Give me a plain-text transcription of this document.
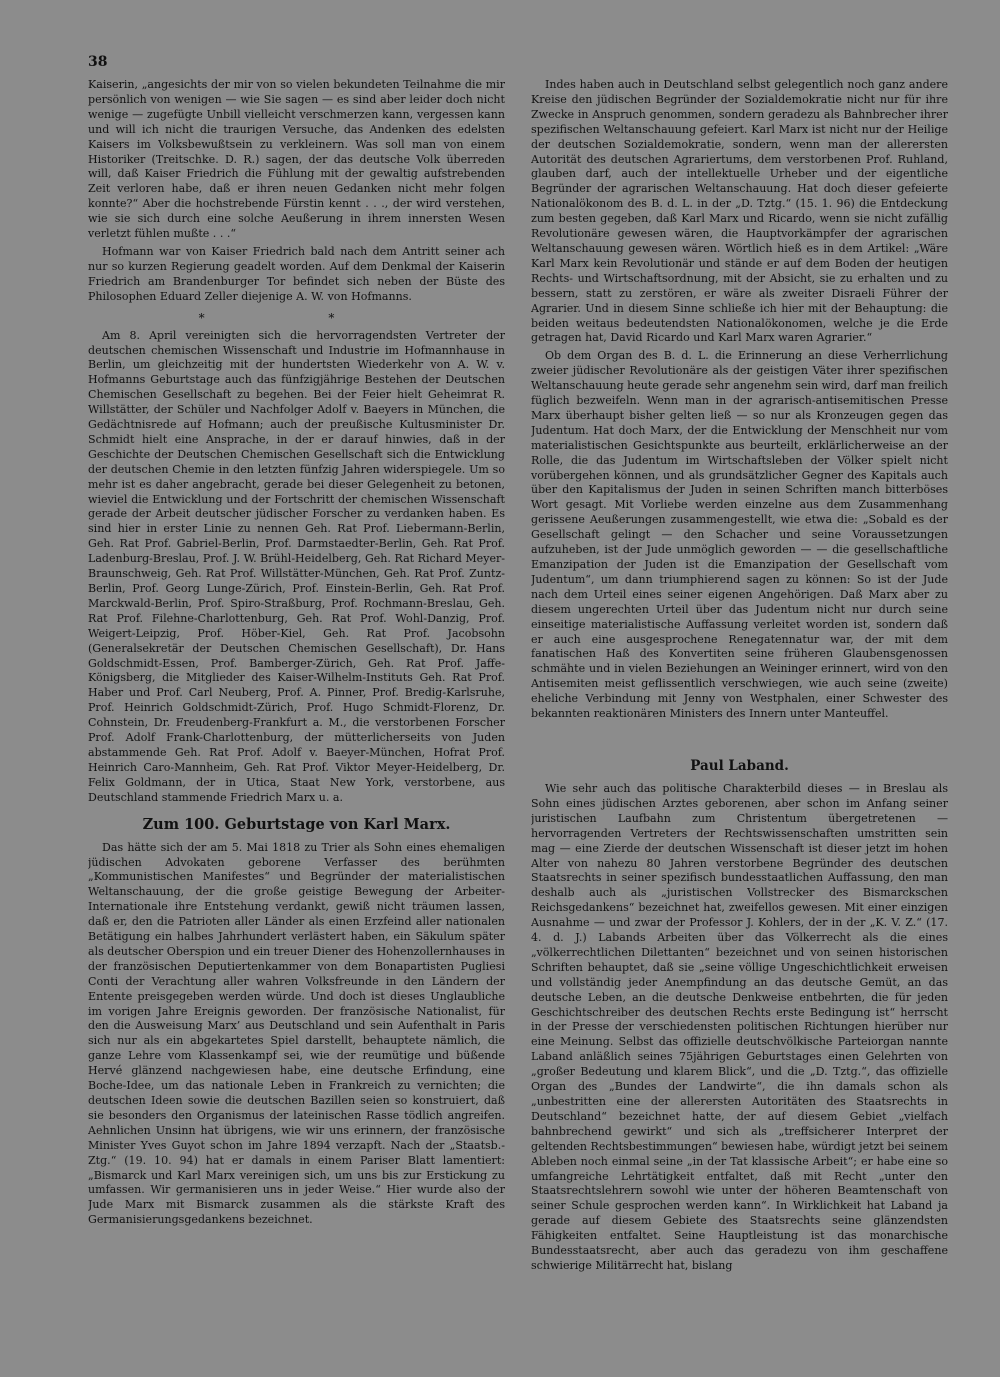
38

Kaiserin, „angesichts der mir von so vielen bekundeten Teilnahme die mir persönlich von wenigen — wie Sie sagen — es sind aber leider doch nicht wenige — zugefügte Unbill vielleicht verschmerzen kann, vergessen kann und will ich nicht die traurigen Versuche, das Andenken des edelsten Kaisers im Volksbewußtsein zu verkleinern. Was soll man von einem Historiker (Treitschke. D. R.) sagen, der das deutsche Volk überreden will, daß Kaiser Friedrich die Fühlung mit der gewaltig aufstrebenden Zeit verloren habe, daß er ihren neuen Gedanken nicht mehr folgen konnte?“ Aber die hochstrebende Fürstin kennt . . ., der wird verstehen, wie sie sich durch eine solche Aeußerung in ihrem innersten Wesen verletzt fühlen mußte . . .“

Hofmann war von Kaiser Friedrich bald nach dem Antritt seiner ach nur so kurzen Regierung geadelt worden. Auf dem Denkmal der Kaiserin Friedrich am Brandenburger Tor befindet sich neben der Büste des Philosophen Eduard Zeller diejenige A. W. von Hofmanns.

* *

Am 8. April vereinigten sich die hervorragendsten Vertreter der deutschen chemischen Wissenschaft und Industrie im Hofmannhause in Berlin, um gleichzeitig mit der hundertsten Wiederkehr von A. W. v. Hofmanns Geburtstage auch das fünfzigjährige Bestehen der Deutschen Chemischen Gesellschaft zu begehen. Bei der Feier hielt Geheimrat R. Willstätter, der Schüler und Nachfolger Adolf v. Baeyers in München, die Gedächtnisrede auf Hofmann; auch der preußische Kultusminister Dr. Schmidt hielt eine Ansprache, in der er darauf hinwies, daß in der Geschichte der Deutschen Chemischen Gesellschaft sich die Entwicklung der deutschen Chemie in den letzten fünfzig Jahren widerspiegele. Um so mehr ist es daher angebracht, gerade bei dieser Gelegenheit zu betonen, wieviel die Entwicklung und der Fortschritt der chemischen Wissenschaft gerade der Arbeit deutscher jüdischer Forscher zu verdanken haben. Es sind hier in erster Linie zu nennen Geh. Rat Prof. Liebermann-Berlin, Geh. Rat Prof. Gabriel-Berlin, Prof. Darmstaedter-Berlin, Geh. Rat Prof. Ladenburg-Breslau, Prof. J. W. Brühl-Heidelberg, Geh. Rat Richard Meyer-Braunschweig, Geh. Rat Prof. Willstätter-München, Geh. Rat Prof. Zuntz-Berlin, Prof. Georg Lunge-Zürich, Prof. Einstein-Berlin, Geh. Rat Prof. Marckwald-Berlin, Prof. Spiro-Straßburg, Prof. Rochmann-Breslau, Geh. Rat Prof. Filehne-Charlottenburg, Geh. Rat Prof. Wohl-Danzig, Prof. Weigert-Leipzig, Prof. Höber-Kiel, Geh. Rat Prof. Jacobsohn (Generalsekretär der Deutschen Chemischen Gesellschaft), Dr. Hans Goldschmidt-Essen, Prof. Bamberger-Zürich, Geh. Rat Prof. Jaffe-Königsberg, die Mitglieder des Kaiser-Wilhelm-Instituts Geh. Rat Prof. Haber und Prof. Carl Neuberg, Prof. A. Pinner, Prof. Bredig-Karlsruhe, Prof. Heinrich Goldschmidt-Zürich, Prof. Hugo Schmidt-Florenz, Dr. Cohnstein, Dr. Freudenberg-Frankfurt a. M., die verstorbenen Forscher Prof. Adolf Frank-Charlottenburg, der mütterlicherseits von Juden abstammende Geh. Rat Prof. Adolf v. Baeyer-München, Hofrat Prof. Heinrich Caro-Mannheim, Geh. Rat Prof. Viktor Meyer-Heidelberg, Dr. Felix Goldmann, der in Utica, Staat New York, verstorbene, aus Deutschland stammende Friedrich Marx u. a.

Zum 100. Geburtstage von Karl Marx.

Das hätte sich der am 5. Mai 1818 zu Trier als Sohn eines ehemaligen jüdischen Advokaten geborene Verfasser des berühmten „Kommunistischen Manifestes“ und Begründer der materialistischen Weltanschauung, der die große geistige Bewegung der Arbeiter-Internationale ihre Entstehung verdankt, gewiß nicht träumen lassen, daß er, den die Patrioten aller Länder als einen Erzfeind aller nationalen Betätigung ein halbes Jahrhundert verlästert haben, ein Säkulum später als deutscher Oberspion und ein treuer Diener des Hohenzollernhauses in der französischen Deputiertenkammer von dem Bonapartisten Pugliesi Conti der Verachtung aller wahren Volksfreunde in den Ländern der Entente preisgegeben werden würde. Und doch ist dieses Unglaubliche im vorigen Jahre Ereignis geworden. Der französische Nationalist, für den die Ausweisung Marx’ aus Deutschland und sein Aufenthalt in Paris sich nur als ein abgekartetes Spiel darstellt, behauptete nämlich, die ganze Lehre vom Klassenkampf sei, wie der reumütige und büßende Hervé glänzend nachgewiesen habe, eine deutsche Erfindung, eine Boche-Idee, um das nationale Leben in Frankreich zu vernichten; die deutschen Ideen sowie die deutschen Bazillen seien so konstruiert, daß sie besonders den Organismus der lateinischen Rasse tödlich angreifen. Aehnlichen Unsinn hat übrigens, wie wir uns erinnern, der französische Minister Yves Guyot schon im Jahre 1894 verzapft. Nach der „Staatsb.-Ztg.“ (19. 10. 94) hat er damals in einem Pariser Blatt lamentiert: „Bismarck und Karl Marx vereinigen sich, um uns bis zur Erstickung zu umfassen. Wir germanisieren uns in jeder Weise.“ Hier wurde also der Jude Marx mit Bismarck zusammen als die stärkste Kraft des Germanisierungsgedankens bezeichnet.

Indes haben auch in Deutschland selbst gelegentlich noch ganz andere Kreise den jüdischen Begründer der Sozialdemokratie nicht nur für ihre Zwecke in Anspruch genommen, sondern geradezu als Bahnbrecher ihrer spezifischen Weltanschauung gefeiert. Karl Marx ist nicht nur der Heilige der deutschen Sozialdemokratie, sondern, wenn man der allerersten Autorität des deutschen Agrariertums, dem verstorbenen Prof. Ruhland, glauben darf, auch der intellektuelle Urheber und der eigentliche Begründer der agrarischen Weltanschauung. Hat doch dieser gefeierte Nationalökonom des B. d. L. in der „D. Tztg.“ (15. 1. 96) die Entdeckung zum besten gegeben, daß Karl Marx und Ricardo, wenn sie nicht zufällig Revolutionäre gewesen wären, die Hauptvorkämpfer der agrarischen Weltanschauung gewesen wären. Wörtlich hieß es in dem Artikel: „Wäre Karl Marx kein Revolutionär und stände er auf dem Boden der heutigen Rechts- und Wirtschaftsordnung, mit der Absicht, sie zu erhalten und zu bessern, statt zu zerstören, er wäre als zweiter Disraeli Führer der Agrarier. Und in diesem Sinne schließe ich hier mit der Behauptung: die beiden weitaus bedeutendsten Nationalökonomen, welche je die Erde getragen hat, David Ricardo und Karl Marx waren Agrarier.“

Ob dem Organ des B. d. L. die Erinnerung an diese Verherrlichung zweier jüdischer Revolutionäre als der geistigen Väter ihrer spezifischen Weltanschauung heute gerade sehr angenehm sein wird, darf man freilich füglich bezweifeln. Wenn man in der agrarisch-antisemitischen Presse Marx überhaupt bisher gelten ließ — so nur als Kronzeugen gegen das Judentum. Hat doch Marx, der die Entwicklung der Menschheit nur vom materialistischen Gesichtspunkte aus beurteilt, erklärlicherweise an der Rolle, die das Judentum im Wirtschaftsleben der Völker spielt nicht vorübergehen können, und als grundsätzlicher Gegner des Kapitals auch über den Kapitalismus der Juden in seinen Schriften manch bitterböses Wort gesagt. Mit Vorliebe werden einzelne aus dem Zusammenhang gerissene Aeußerungen zusammengestellt, wie etwa die: „Sobald es der Gesellschaft gelingt — den Schacher und seine Voraussetzungen aufzuheben, ist der Jude unmöglich geworden — — die gesellschaftliche Emanzipation der Juden ist die Emanzipation der Gesellschaft vom Judentum“, um dann triumphierend sagen zu können: So ist der Jude nach dem Urteil eines seiner eigenen Angehörigen. Daß Marx aber zu diesem ungerechten Urteil über das Judentum nicht nur durch seine einseitige materialistische Auffassung verleitet worden ist, sondern daß er auch eine ausgesprochene Renegatennatur war, der mit dem fanatischen Haß des Konvertiten seine früheren Glaubensgenossen schmähte und in vielen Beziehungen an Weininger erinnert, wird von den Antisemiten meist geflissentlich verschwiegen, wie auch seine (zweite) eheliche Verbindung mit Jenny von Westphalen, einer Schwester des bekannten reaktionären Ministers des Innern unter Manteuffel.

Paul Laband.

Wie sehr auch das politische Charakterbild dieses — in Breslau als Sohn eines jüdischen Arztes geborenen, aber schon im Anfang seiner juristischen Laufbahn zum Christentum übergetretenen — hervorragenden Vertreters der Rechtswissenschaften umstritten sein mag — eine Zierde der deutschen Wissenschaft ist dieser jetzt im hohen Alter von nahezu 80 Jahren verstorbene Begründer des deutschen Staatsrechts in seiner spezifisch bundesstaatlichen Auffassung, den man deshalb auch als „juristischen Vollstrecker des Bismarckschen Reichsgedankens“ bezeichnet hat, zweifellos gewesen. Mit einer einzigen Ausnahme — und zwar der Professor J. Kohlers, der in der „K. V. Z.“ (17. 4. d. J.) Labands Arbeiten über das Völkerrecht als die eines „völkerrechtlichen Dilettanten“ bezeichnet und von seinen historischen Schriften behauptet, daß sie „seine völlige Ungeschichtlichkeit erweisen und vollständig jeder Anempfindung an das deutsche Gemüt, an das deutsche Leben, an die deutsche Denkweise entbehrten, die für jeden Geschichtschreiber des deutschen Rechts erste Bedingung ist“ herrscht in der Presse der verschiedensten politischen Richtungen hierüber nur eine Meinung. Selbst das offizielle deutschvölkische Parteiorgan nannte Laband anläßlich seines 75jährigen Geburtstages einen Gelehrten von „großer Bedeutung und klarem Blick“, und die „D. Tztg.“, das offizielle Organ des „Bundes der Landwirte“, die ihn damals schon als „unbestritten eine der allerersten Autoritäten des Staatsrechts in Deutschland“ bezeichnet hatte, der auf diesem Gebiet „vielfach bahnbrechend gewirkt“ und sich als „treffsicherer Interpret der geltenden Rechtsbestimmungen“ bewiesen habe, würdigt jetzt bei seinem Ableben noch einmal seine „in der Tat klassische Arbeit“; er habe eine so umfangreiche Lehrtätigkeit entfaltet, daß mit Recht „unter den Staatsrechtslehrern sowohl wie unter der höheren Beamtenschaft von seiner Schule gesprochen werden kann“. In Wirklichkeit hat Laband ja gerade auf diesem Gebiete des Staatsrechts seine glänzendsten Fähigkeiten entfaltet. Seine Hauptleistung ist das monarchische Bundesstaatsrecht, aber auch das geradezu von ihm geschaffene schwierige Militärrecht hat, bislang
